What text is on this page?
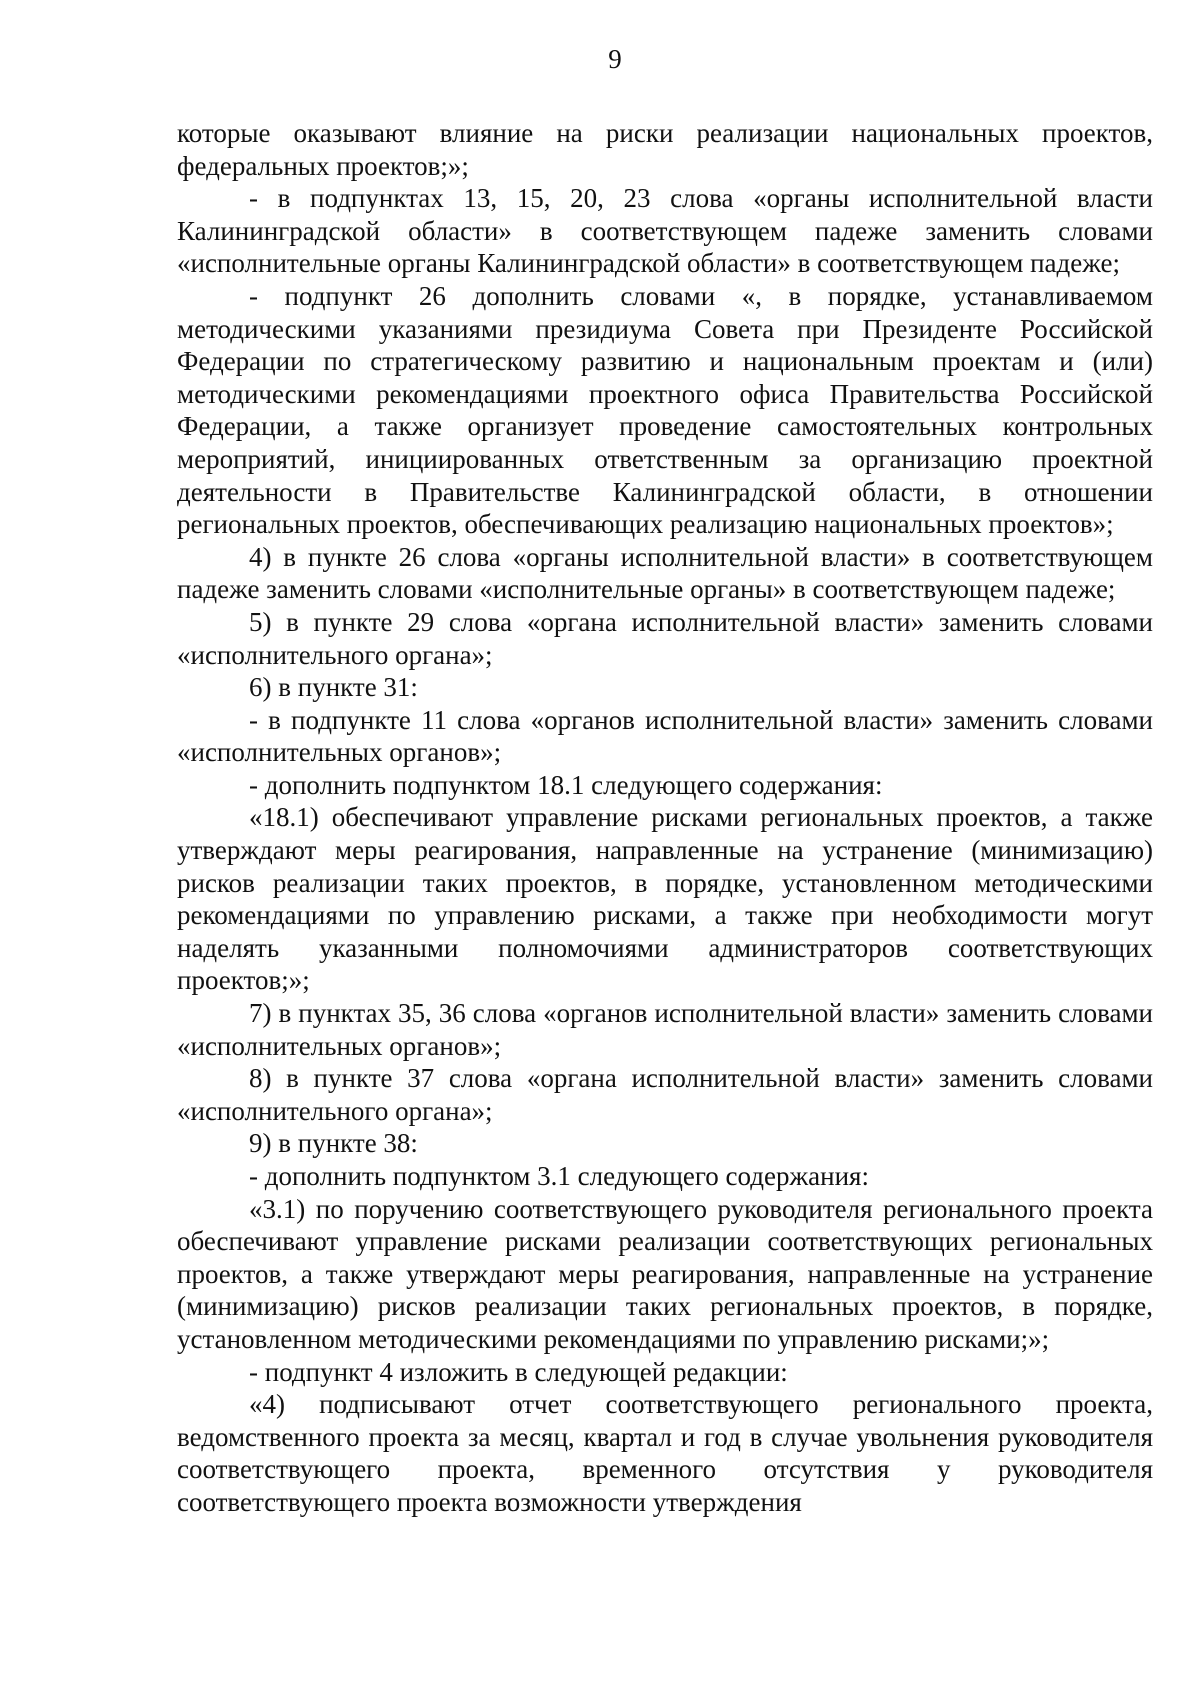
9

которые оказывают влияние на риски реализации национальных проектов, федеральных проектов;»;

- в подпунктах 13, 15, 20, 23 слова «органы исполнительной власти Калининградской области» в соответствующем падеже заменить словами «исполнительные органы Калининградской области» в соответствующем падеже;

- подпункт 26 дополнить словами «, в порядке, устанавливаемом методическими указаниями президиума Совета при Президенте Российской Федерации по стратегическому развитию и национальным проектам и (или) методическими рекомендациями проектного офиса Правительства Российской Федерации, а также организует проведение самостоятельных контрольных мероприятий, инициированных ответственным за организацию проектной деятельности в Правительстве Калининградской области, в отношении региональных проектов, обеспечивающих реализацию национальных проектов»;

4) в пункте 26 слова «органы исполнительной власти» в соответствующем падеже заменить словами «исполнительные органы» в соответствующем падеже;

5) в пункте 29 слова «органа исполнительной власти» заменить словами «исполнительного органа»;

6) в пункте 31:

- в подпункте 11 слова «органов исполнительной власти» заменить словами «исполнительных органов»;

- дополнить подпунктом 18.1 следующего содержания:

«18.1) обеспечивают управление рисками региональных проектов, а также утверждают меры реагирования, направленные на устранение (минимизацию) рисков реализации таких проектов, в порядке, установленном методическими рекомендациями по управлению рисками, а также при необходимости могут наделять указанными полномочиями администраторов соответствующих проектов;»;

7) в пунктах 35, 36 слова «органов исполнительной власти» заменить словами «исполнительных органов»;

8) в пункте 37 слова «органа исполнительной власти» заменить словами «исполнительного органа»;

9) в пункте 38:

- дополнить подпунктом 3.1 следующего содержания:

«3.1) по поручению соответствующего руководителя регионального проекта обеспечивают управление рисками реализации соответствующих региональных проектов, а также утверждают меры реагирования, направленные на устранение (минимизацию) рисков реализации таких региональных проектов, в порядке, установленном методическими рекомендациями по управлению рисками;»;

- подпункт 4 изложить в следующей редакции:

«4) подписывают отчет соответствующего регионального проекта, ведомственного проекта за месяц, квартал и год в случае увольнения руководителя соответствующего проекта, временного отсутствия у руководителя соответствующего проекта возможности утверждения
